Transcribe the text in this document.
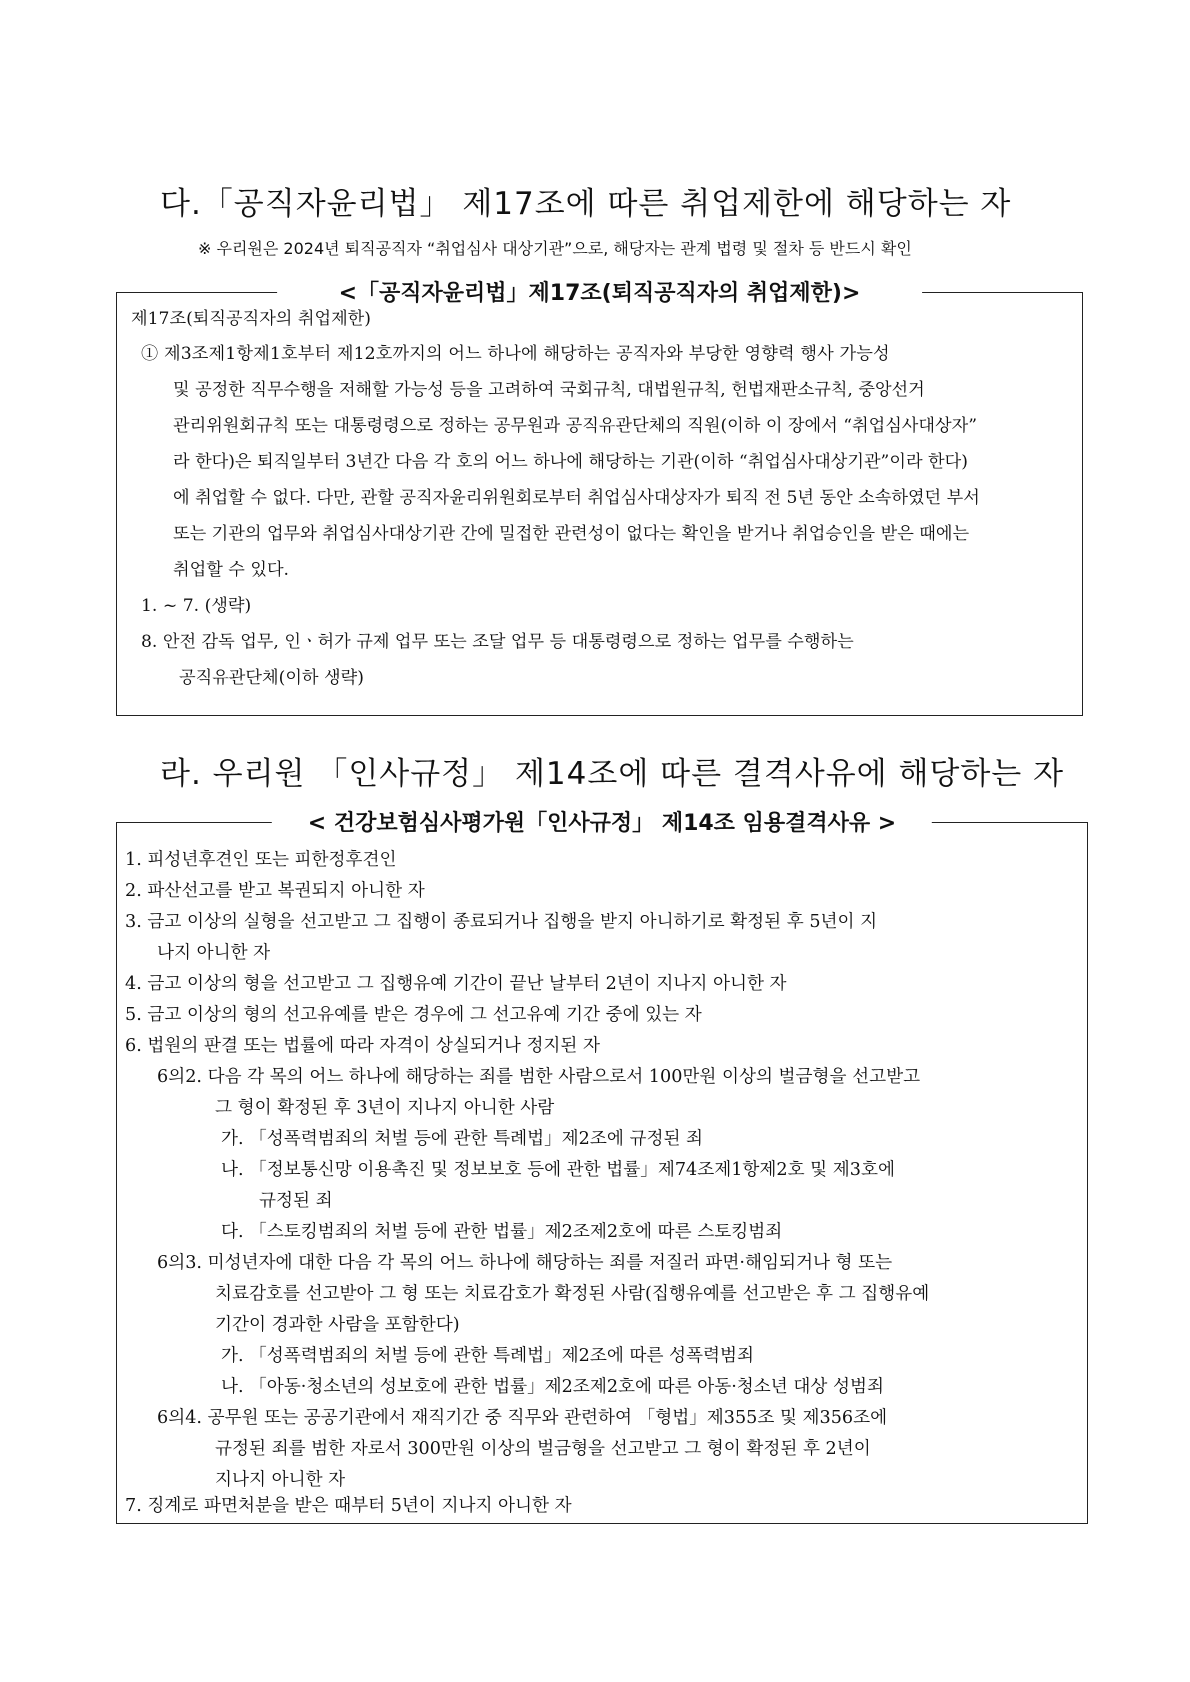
다.「공직자윤리법」 제17조에 따른 취업제한에 해당하는 자
※ 우리원은 2024년 퇴직공직자 “취업심사 대상기관”으로, 해당자는 관계 법령 및 절차 등 반드시 확인
<「공직자윤리법」제17조(퇴직공직자의 취업제한)>
제17조(퇴직공직자의 취업제한)
① 제3조제1항제1호부터 제12호까지의 어느 하나에 해당하는 공직자와 부당한 영향력 행사 가능성
및 공정한 직무수행을 저해할 가능성 등을 고려하여 국회규칙, 대법원규칙, 헌법재판소규칙, 중앙선거
관리위원회규칙 또는 대통령령으로 정하는 공무원과 공직유관단체의 직원(이하 이 장에서 “취업심사대상자”
라 한다)은 퇴직일부터 3년간 다음 각 호의 어느 하나에 해당하는 기관(이하 “취업심사대상기관”이라 한다)
에 취업할 수 없다. 다만, 관할 공직자윤리위원회로부터 취업심사대상자가 퇴직 전 5년 동안 소속하였던 부서
또는 기관의 업무와 취업심사대상기관 간에 밀접한 관련성이 없다는 확인을 받거나 취업승인을 받은 때에는
취업할 수 있다.
1. ~ 7. (생략)
8. 안전 감독 업무, 인ㆍ허가 규제 업무 또는 조달 업무 등 대통령령으로 정하는 업무를 수행하는
공직유관단체(이하 생략)
라. 우리원 「인사규정」 제14조에 따른 결격사유에 해당하는 자
< 건강보험심사평가원「인사규정」 제14조 임용결격사유 >
1. 피성년후견인 또는 피한정후견인
2. 파산선고를 받고 복권되지 아니한 자
3. 금고 이상의 실형을 선고받고 그 집행이 종료되거나 집행을 받지 아니하기로 확정된 후 5년이 지
나지 아니한 자
4. 금고 이상의 형을 선고받고 그 집행유예 기간이 끝난 날부터 2년이 지나지 아니한 자
5. 금고 이상의 형의 선고유예를 받은 경우에 그 선고유예 기간 중에 있는 자
6. 법원의 판결 또는 법률에 따라 자격이 상실되거나 정지된 자
6의2. 다음 각 목의 어느 하나에 해당하는 죄를 범한 사람으로서 100만원 이상의 벌금형을 선고받고
그 형이 확정된 후 3년이 지나지 아니한 사람
가. 「성폭력범죄의 처벌 등에 관한 특례법」제2조에 규정된 죄
나. 「정보통신망 이용촉진 및 정보보호 등에 관한 법률」제74조제1항제2호 및 제3호에
규정된 죄
다. 「스토킹범죄의 처벌 등에 관한 법률」제2조제2호에 따른 스토킹범죄
6의3. 미성년자에 대한 다음 각 목의 어느 하나에 해당하는 죄를 저질러 파면·해임되거나 형 또는
치료감호를 선고받아 그 형 또는 치료감호가 확정된 사람(집행유예를 선고받은 후 그 집행유예
기간이 경과한 사람을 포함한다)
가. 「성폭력범죄의 처벌 등에 관한 특례법」제2조에 따른 성폭력범죄
나. 「아동·청소년의 성보호에 관한 법률」제2조제2호에 따른 아동·청소년 대상 성범죄
6의4. 공무원 또는 공공기관에서 재직기간 중 직무와 관련하여 「형법」제355조 및 제356조에
규정된 죄를 범한 자로서 300만원 이상의 벌금형을 선고받고 그 형이 확정된 후 2년이
지나지 아니한 자
7. 징계로 파면처분을 받은 때부터 5년이 지나지 아니한 자
